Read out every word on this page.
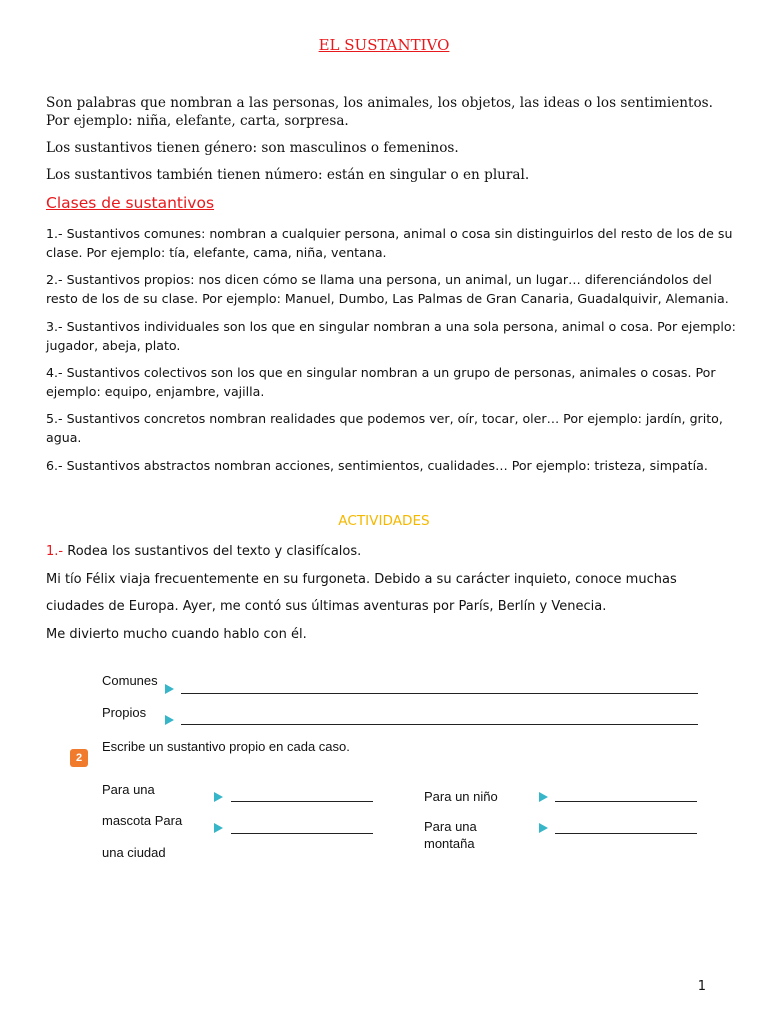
EL SUSTANTIVO
Son palabras que nombran a las personas, los animales, los objetos, las ideas o los sentimientos. Por ejemplo: niña, elefante, carta, sorpresa.
Los sustantivos tienen género: son masculinos o femeninos.
Los sustantivos también tienen número: están en singular o en plural.
Clases de sustantivos
1.- Sustantivos comunes: nombran a cualquier persona, animal o cosa sin distinguirlos del resto de los de su clase. Por ejemplo: tía, elefante, cama, niña, ventana.
2.- Sustantivos propios: nos dicen cómo se llama una persona, un animal, un lugar… diferenciándolos del resto de los de su clase. Por ejemplo: Manuel, Dumbo, Las Palmas de Gran Canaria, Guadalquivir, Alemania.
3.- Sustantivos individuales son los que en singular nombran a una sola persona, animal o cosa. Por ejemplo: jugador, abeja, plato.
4.- Sustantivos colectivos son los que en singular nombran a un grupo de personas, animales o cosas. Por ejemplo: equipo, enjambre, vajilla.
5.- Sustantivos concretos nombran realidades que podemos ver, oír, tocar, oler… Por ejemplo: jardín, grito, agua.
6.- Sustantivos abstractos nombran acciones, sentimientos, cualidades… Por ejemplo: tristeza, simpatía.
ACTIVIDADES
1.- Rodea los sustantivos del texto y clasifícalos.
Mi tío Félix viaja frecuentemente en su furgoneta. Debido a su carácter inquieto, conoce muchas
ciudades de Europa. Ayer, me contó sus últimas aventuras por París, Berlín y Venecia.
Me divierto mucho cuando hablo con él.
Comunes
Propios
2
Escribe un sustantivo propio en cada caso.
Para una
mascota Para
una ciudad
Para un niño
Para una
montaña
1
